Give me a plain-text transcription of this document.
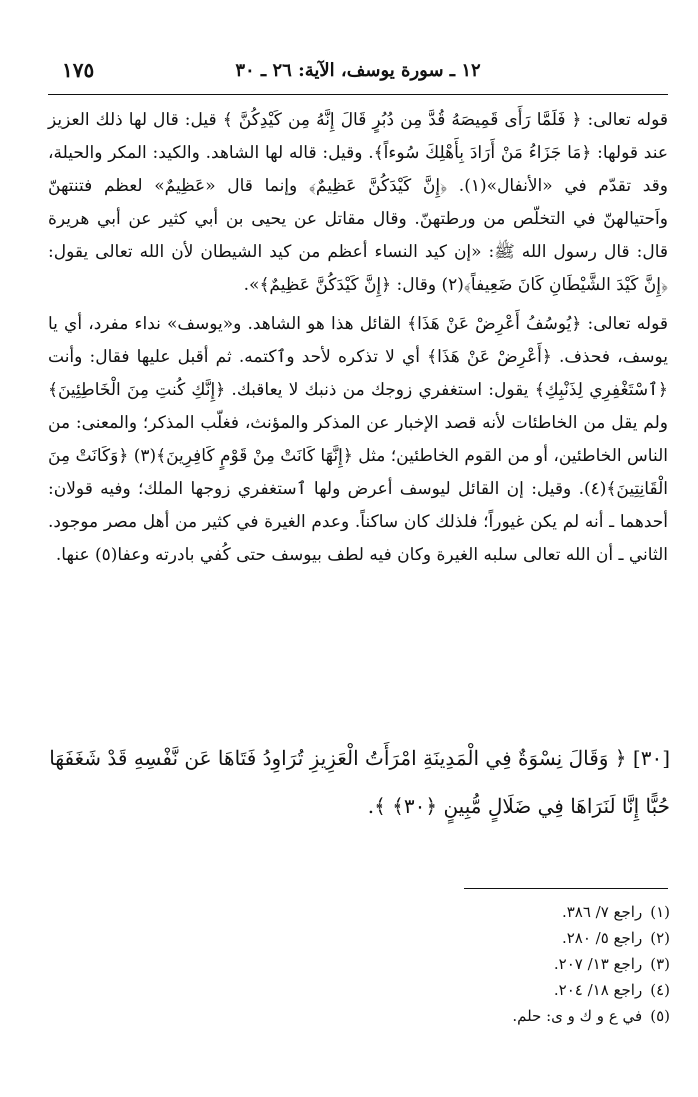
١٢ ـ سورة يوسف، الآية: ٢٦ ـ ٣٠
١٧٥

قوله تعالى: ﴿ فَلَمَّا رَأَى قَمِيصَهُ قُدَّ مِن دُبُرٍ قَالَ إِنَّهُ مِن كَيْدِكُنَّ ﴾ قيل: قال لها ذلك العزيز عند قولها: ﴿مَا جَزَاءُ مَنْ أَرَادَ بِأَهْلِكَ سُوءاً﴾. وقيل: قاله لها الشاهد. والكيد: المكر والحيلة، وقد تقدّم في «الأنفال»(١). ﴿إِنَّ كَيْدَكُنَّ عَظِيمٌ﴾ وإنما قال «عَظِيمٌ» لعظم فتنتهنّ واَحتيالهنّ في التخلّص من ورطتهنّ. وقال مقاتل عن يحيى بن أبي كثير عن أبي هريرة قال: قال رسول الله ﷺ: «إن كيد النساء أعظم من كيد الشيطان لأن الله تعالى يقول: ﴿إِنَّ كَيْدَ الشَّيْطَانِ كَانَ ضَعِيفاً﴾(٢) وقال: ﴿إِنَّ كَيْدَكُنَّ عَظِيمٌ﴾».

قوله تعالى: ﴿يُوسُفُ أَعْرِضْ عَنْ هَذَا﴾ القائل هذا هو الشاهد. و«يوسف» نداء مفرد، أي يا يوسف، فحذف. ﴿أَعْرِضْ عَنْ هَذَا﴾ أي لا تذكره لأحد وٱكتمه. ثم أقبل عليها فقال: وأنت ﴿ٱسْتَغْفِرِي لِذَنْبِكِ﴾ يقول: استغفري زوجك من ذنبك لا يعاقبك. ﴿إِنَّكِ كُنتِ مِنَ الْخَاطِئِينَ﴾ ولم يقل من الخاطئات لأنه قصد الإخبار عن المذكر والمؤنث، فغلّب المذكر؛ والمعنى: من الناس الخاطئين، أو من القوم الخاطئين؛ مثل ﴿إِنَّهَا كَانَتْ مِنْ قَوْمٍ كَافِرِينَ﴾(٣) ﴿وَكَانَتْ مِنَ الْقَانِتِينَ﴾(٤). وقيل: إن القائل ليوسف أعرض ولها ٱستغفري زوجها الملك؛ وفيه قولان: أحدهما ـ أنه لم يكن غيوراً؛ فلذلك كان ساكناً. وعدم الغيرة في كثير من أهل مصر موجود. الثاني ـ أن الله تعالى سلبه الغيرة وكان فيه لطف بيوسف حتى كُفي بادرته وعفا(٥) عنها.

[٣٠] ﴿ وَقَالَ نِسْوَةٌ فِي الْمَدِينَةِ امْرَأَتُ الْعَزِيزِ تُرَاوِدُ فَتَاهَا عَن نَّفْسِهِ قَدْ شَغَفَهَا حُبًّا إِنَّا لَنَرَاهَا فِي ضَلَالٍ مُّبِينٍ ﴿٣٠﴾ ﴾.
(١)راجع ٧/ ٣٨٦.
(٢)راجع ٥/ ٢٨٠.
(٣)راجع ١٣/ ٢٠٧.
(٤)راجع ١٨/ ٢٠٤.
(٥)في ع و ك و ى: حلم.
